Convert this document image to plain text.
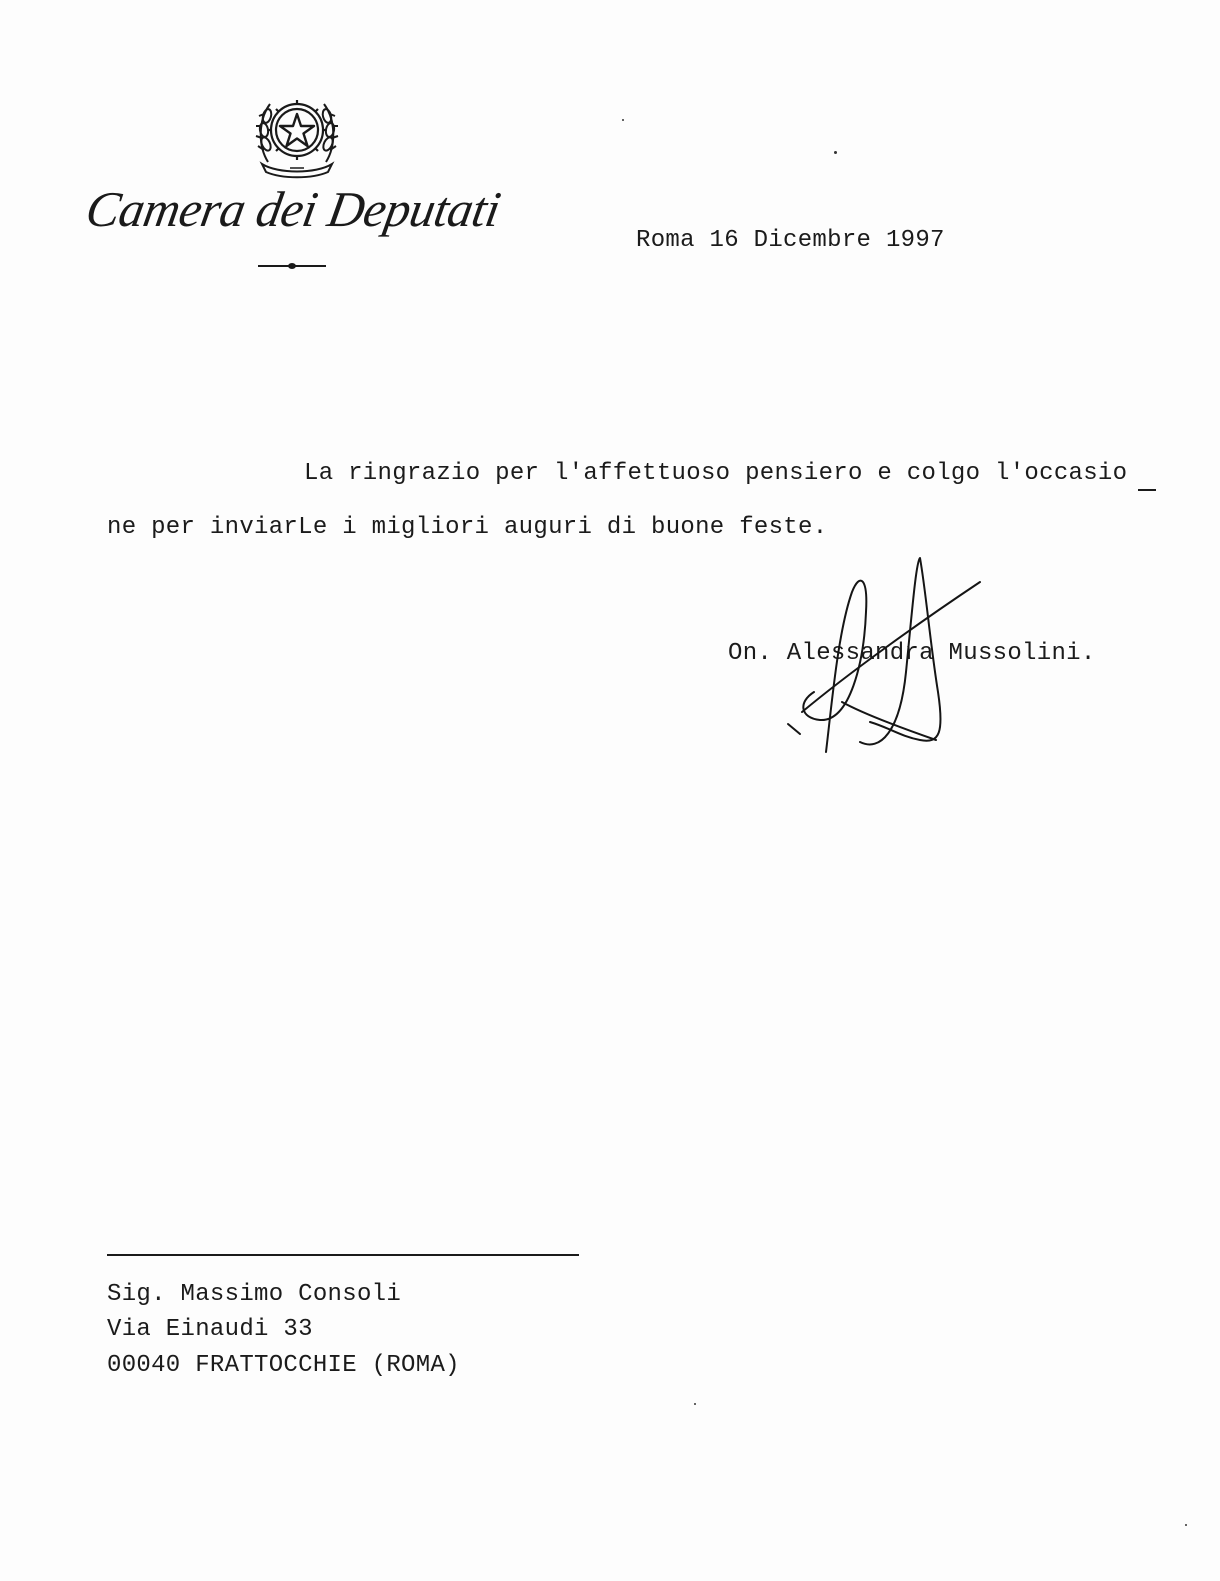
Camera dei Deputati
Roma 16 Dicembre 1997
La ringrazio per l'affettuoso pensiero e colgo l'occasio
ne per inviarLe i migliori auguri di buone feste.
On. Alessandra Mussolini.
Sig. Massimo Consoli
Via Einaudi 33
00040 FRATTOCCHIE (ROMA)
